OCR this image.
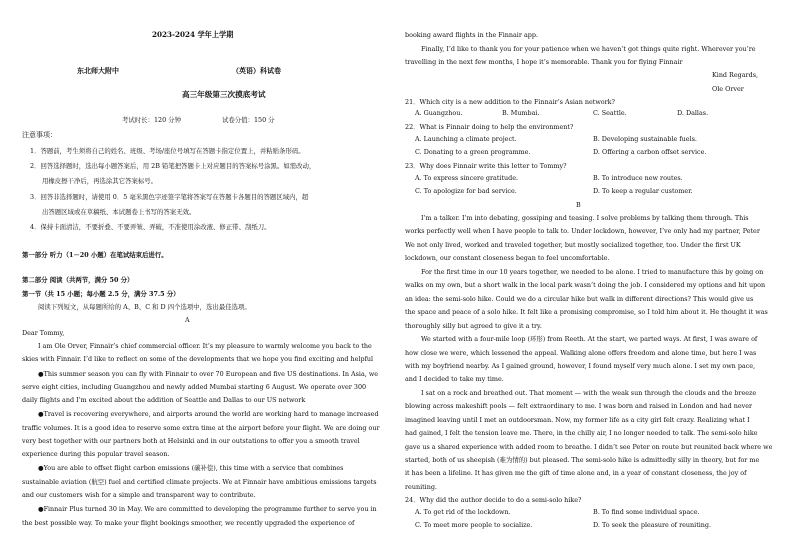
2023-2024 学年上学期
东北师大附中	（英语）科试卷
高三年级第三次摸底考试
考试时长：120 分钟	试卷分值：150 分
注意事项：
1．答题前，考生须将自己的姓名、班级、考场/座位号填写在答题卡指定位置上，并粘贴条形码。
2．回答选择题时，选出每小题答案后，用 2B 铅笔把答题卡上对应题目的答案标号涂黑。如需改动，
用橡皮擦干净后，再选涂其它答案标号。
3．回答非选择题时，请使用 0．5 毫米黑色字迹签字笔将答案写在答题卡各题目的答题区域内，超
出答题区域或在草稿纸、本试题卷上书写的答案无效。
4．保持卡面清洁，不要折叠、不要弄皱、弄破，不准使用涂改液、修正带、刮纸刀。
第一部分 听力（1－20 小题）在笔试结束后进行。
第二部分 阅读（共两节，满分 50 分）
第一节（共 15 小题；每小题 2.5 分，满分 37.5 分）
阅读下列短文，从每题所给的 A、B、C 和 D 四个选项中，选出最佳选项。
A
Dear Tommy,
I am Ole Orver, Finnair’s chief commercial officer. It’s my pleasure to warmly welcome you back to the
skies with Finnair. I’d like to reflect on some of the developments that we hope you find exciting and helpful
●This summer season you can fly with Finnair to over 70 European and five US destinations. In Asia, we
serve eight cities, including Guangzhou and newly added Mumbai starting 6 August. We operate over 300
daily flights and I’m excited about the addition of Seattle and Dallas to our US network
●Travel is recovering everywhere, and airports around the world are working hard to manage increased
traffic volumes. It is a good idea to reserve some extra time at the airport before your flight. We are doing our
very best together with our partners both at Helsinki and in our outstations to offer you a smooth travel
experience during this popular travel season.
●You are able to offset flight carbon emissions (碳补偿), this time with a service that combines
sustainable aviation (航空) fuel and certified climate projects. We at Finnair have ambitious emissions targets
and our customers wish for a simple and transparent way to contribute.
●Finnair Plus turned 30 in May. We are committed to developing the programme further to serve you in
the best possible way. To make your flight bookings smoother, we recently upgraded the experience of
booking award flights in the Finnair app.
Finally, I’d like to thank you for your patience when we haven’t got things quite right. Wherever you’re
travelling in the next few months, I hope it’s memorable. Thank you for flying Finnair
Kind Regards,
Ole Orver
21．Which city is a new addition to the Finnair’s Asian network?
A. Guangzhou.	B. Mumbai.	C. Seattle.	D. Dallas.
22．What is Finnair doing to help the environment?
A. Launching a climate project.	B. Developing sustainable fuels.
C. Donating to a green programme.	D. Offering a carbon offset service.
23．Why does Finnair write this letter to Tommy?
A. To express sincere gratitude.	B. To introduce new routes.
C. To apologize for bad service.	D. To keep a regular customer.
B
I’m a talker. I’m into debating, gossiping and teasing. I solve problems by talking them through. This
works perfectly well when I have people to talk to. Under lockdown, however, I’ve only had my partner, Peter
We not only lived, worked and traveled together, but mostly socialized together, too. Under the first UK
lockdown, our constant closeness began to feel uncomfortable.
For the first time in our 10 years together, we needed to be alone. I tried to manufacture this by going on
walks on my own, but a short walk in the local park wasn’t doing the job. I considered my options and hit upon
an idea: the semi-solo hike. Could we do a circular hike but walk in different directions? This would give us
the space and peace of a solo hike. It felt like a promising compromise, so I told him about it. He thought it was
thoroughly silly but agreed to give it a try.
We started with a four-mile loop (环形) from Reeth. At the start, we parted ways. At first, I was aware of
how close we were, which lessened the appeal. Walking alone offers freedom and alone time, but here I was
with my boyfriend nearby. As I gained ground, however, I found myself very much alone. I set my own pace,
and I decided to take my time.
I sat on a rock and breathed out. That moment — with the weak sun through the clouds and the breeze
blowing across makeshift pools — felt extraordinary to me. I was born and raised in London and had never
imagined leaving until I met an outdoorsman. Now, my former life as a city girl felt crazy. Realizing what I
had gained, I felt the tension leave me. There, in the chilly air, I no longer needed to talk. The semi-solo hike
gave us a shared experience with added room to breathe. I didn’t see Peter on route but reunited back where we
started, both of us sheepish (难为情的) but pleased. The semi-solo hike is admittedly silly in theory, but for me
it has been a lifeline. It has given me the gift of time alone and, in a year of constant closeness, the joy of
reuniting.
24．Why did the author decide to do a semi-solo hike?
A. To get rid of the lockdown.	B. To find some individual space.
C. To meet more people to socialize.	D. To seek the pleasure of reuniting.
